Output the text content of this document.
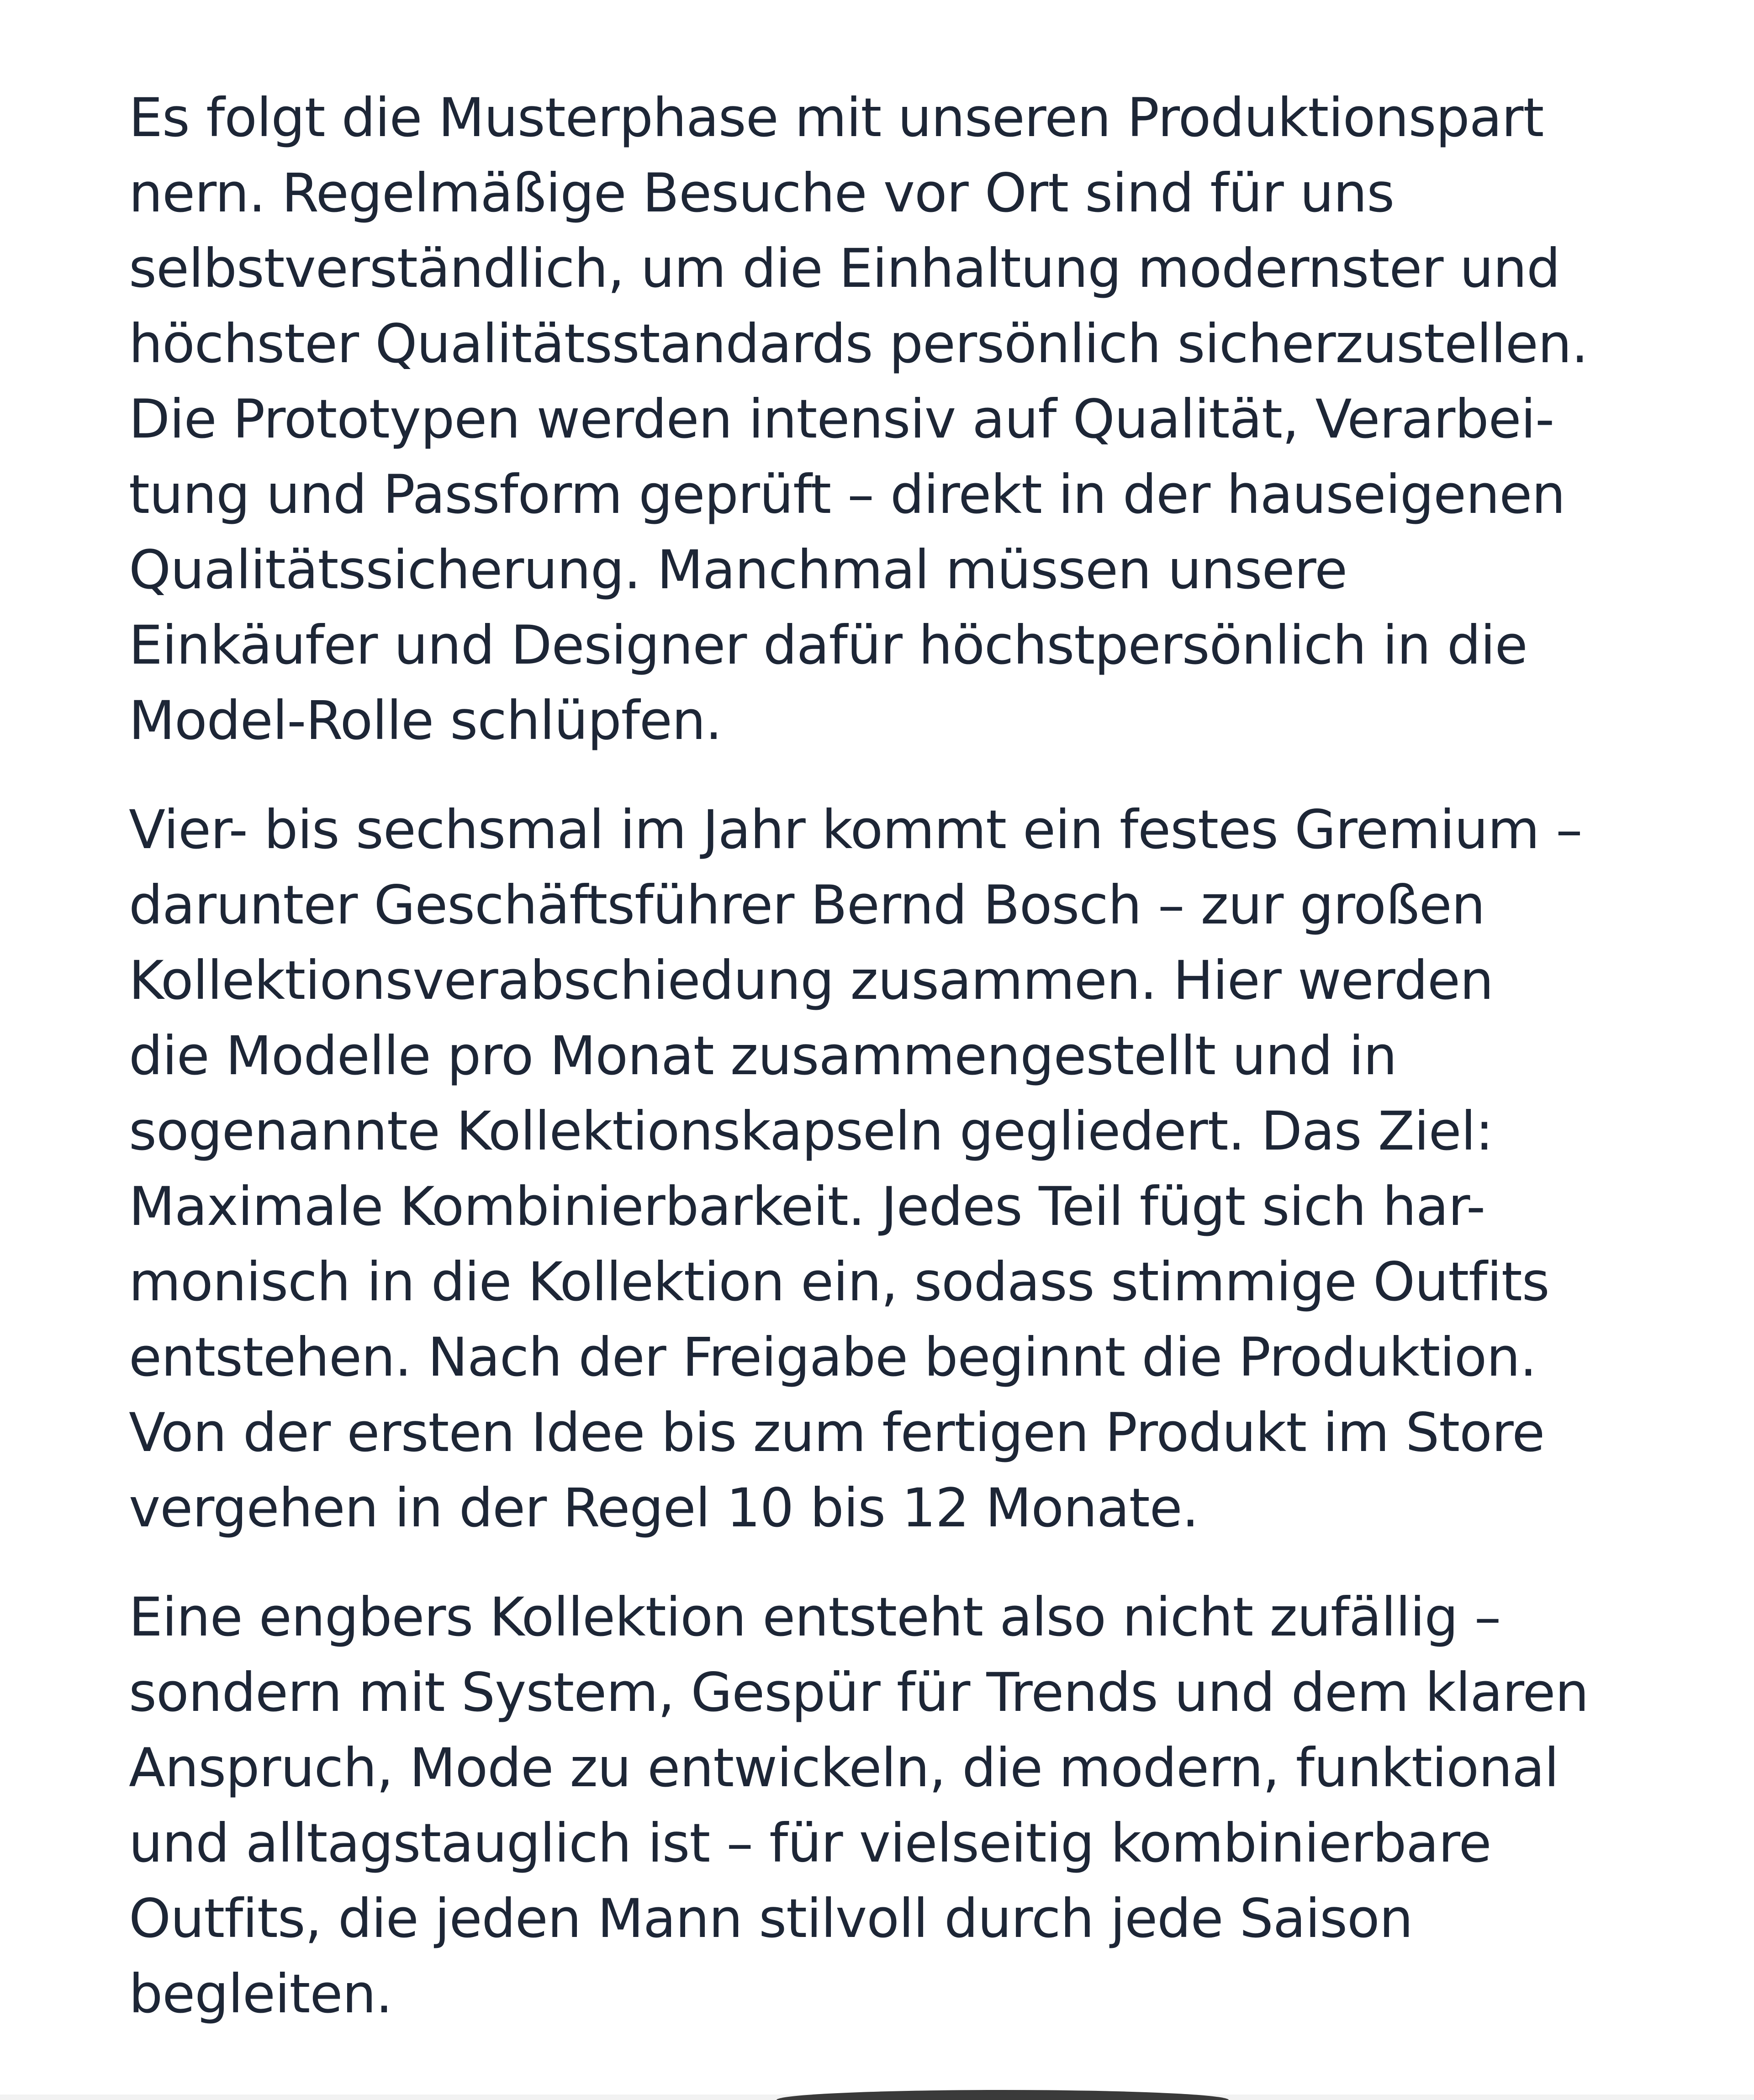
Es folgt die Musterphase mit unseren Produktionspart
nern. Regelmäßige Besuche vor Ort sind für uns
selbstverständlich, um die Einhaltung modernster und
höchster Qualitätsstandards persönlich sicherzustellen.
Die Prototypen werden intensiv auf Qualität, Verarbei-
tung und Passform geprüft – direkt in der hauseigenen
Qualitätssicherung. Manchmal müssen unsere
Einkäufer und Designer dafür höchstpersönlich in die
Model-Rolle schlüpfen.

Vier- bis sechsmal im Jahr kommt ein festes Gremium –
darunter Geschäftsführer Bernd Bosch – zur großen
Kollektionsverabschiedung zusammen. Hier werden
die Modelle pro Monat zusammengestellt und in
sogenannte Kollektionskapseln gegliedert. Das Ziel:
Maximale Kombinierbarkeit. Jedes Teil fügt sich har-
monisch in die Kollektion ein, sodass stimmige Outfits
entstehen. Nach der Freigabe beginnt die Produktion.
Von der ersten Idee bis zum fertigen Produkt im Store
vergehen in der Regel 10 bis 12 Monate.

Eine engbers Kollektion entsteht also nicht zufällig –
sondern mit System, Gespür für Trends und dem klaren
Anspruch, Mode zu entwickeln, die modern, funktional
und alltagstauglich ist – für vielseitig kombinierbare
Outfits, die jeden Mann stilvoll durch jede Saison
begleiten.
